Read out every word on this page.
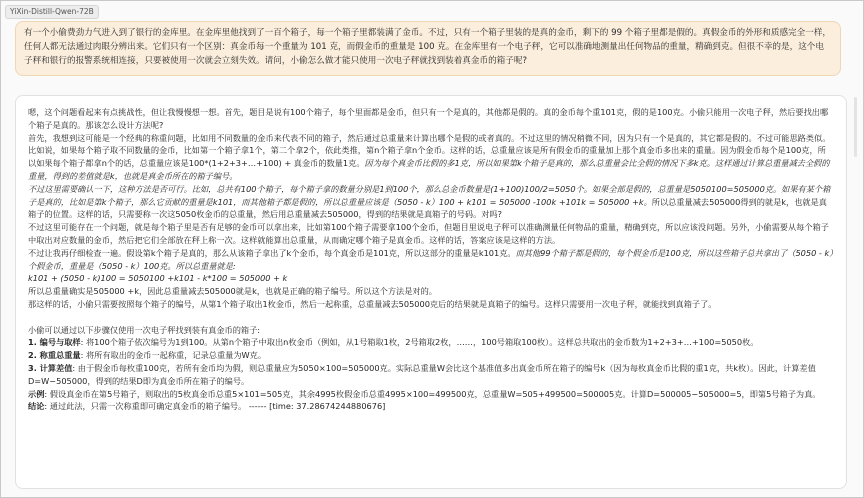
YiXin-Distill-Qwen-72B
有一个小偷费劲力气进入到了银行的金库里。在金库里他找到了一百个箱子，每一个箱子里都装满了金币。不过，只有一个箱子里装的是真的金币，剩下的 99 个箱子里都是假的。真假金币的外形和质感完全一样，任何人都无法通过肉眼分辨出来。它们只有一个区别：真金币每一个重量为 101 克，而假金币的重量是 100 克。在金库里有一个电子秤，它可以准确地测量出任何物品的重量，精确到克。但很不幸的是，这个电子秤和银行的报警系统相连接，只要被使用一次就会立刻失效。请问，小偷怎么做才能只使用一次电子秤就找到装着真金币的箱子呢?

嗯，这个问题看起来有点挑战性，但让我慢慢想一想。首先，题目是说有100个箱子，每个里面都是金币，但只有一个是真的，其他都是假的。真的金币每个重101克，假的是100克。小偷只能用一次电子秤，然后要找出哪个箱子是真的。那该怎么设计方法呢?

首先，我想到这可能是一个经典的称重问题，比如用不同数量的金币来代表不同的箱子，然后通过总重量来计算出哪个是假的或者真的。不过这里的情况稍微不同，因为只有一个是真的，其它都是假的。不过可能思路类似。

比如说，如果每个箱子取不同数量的金币，比如第一个箱子拿1个，第二个拿2个，依此类推，第n个箱子拿n个金币。这样的话，总重量应该是所有假金币的重量加上那个真金币多出来的重量。因为假金币每个是100克，所以如果每个箱子都拿n个的话，总重量应该是100*(1+2+3+…+100) + 真金币的数量1克。因为每个真金币比假的多1克，所以如果第k个箱子是真的，那么总重量会比全假的情况下多k克。这样通过计算总重量减去全假的重量，得到的差值就是k，也就是真金币所在的箱子编号。

不过这里需要确认一下，这种方法是否可行。比如，总共有100个箱子，每个箱子拿的数量分别是1到100个，那么总金币数量是(1+100)100/2=5050个。如果全部是假的，总重量是5050100=505000克。如果有某个箱子是真的，比如是第k个箱子，那么它贡献的重量是k101，而其他箱子都是假的，所以总重量应该是（5050 - k）100 + k101 = 505000 -100k +101k = 505000 +k。所以总重量减去505000得到的就是k，也就是真箱子的位置。这样的话，只需要称一次这5050枚金币的总重量，然后用总重量减去505000，得到的结果就是真箱子的号码。对吗?

不过这里可能存在一个问题，就是每个箱子里是否有足够的金币可以拿出来，比如第100个箱子需要拿100个金币，但题目里说电子秤可以准确测量任何物品的重量，精确到克，所以应该没问题。另外，小偷需要从每个箱子中取出对应数量的金币，然后把它们全部放在秤上称一次。这样就能算出总重量，从而确定哪个箱子是真金币。这样的话，答案应该是这样的方法。

不过让我再仔细检查一遍。假设第k个箱子是真的，那么从该箱子拿出了k个金币，每个真金币是101克，所以这部分的重量是k101克。而其他99个箱子都是假的，每个假金币是100克，所以这些箱子总共拿出了（5050 - k）个假金币，重量是（5050 - k）100克。所以总重量就是:

k101 + (5050 - k)100 = 5050100 +k101 - k*100 = 505000 + k

所以总重量确实是505000 +k，因此总重量减去505000就是k，也就是正确的箱子编号。所以这个方法是对的。

那这样的话，小偷只需要按照每个箱子的编号，从第1个箱子取出1枚金币，然后一起称重，总重量减去505000克后的结果就是真箱子的编号。这样只需要用一次电子秤，就能找到真箱子了。

小偷可以通过以下步骤仅使用一次电子秤找到装有真金币的箱子:

1. 编号与取样: 将100个箱子依次编号为1到100。从第n个箱子中取出n枚金币（例如，从1号箱取1枚，2号箱取2枚，……，100号箱取100枚）。这样总共取出的金币数为1+2+3+…+100=5050枚。

2. 称重总重量: 将所有取出的金币一起称重，记录总重量为W克。

3. 计算差值: 由于假金币每枚重100克，若所有金币均为假，则总重量应为5050×100=505000克。实际总重量W会比这个基准值多出真金币所在箱子的编号k（因为每枚真金币比假的重1克，共k枚）。因此，计算差值D=W−505000，得到的结果D即为真金币所在箱子的编号。

示例: 假设真金币在第5号箱子，则取出的5枚真金币总重5×101=505克，其余4995枚假金币总重4995×100=499500克，总重量W=505+499500=500005克。计算D=500005−505000=5，即第5号箱子为真。

结论: 通过此法，只需一次称重即可确定真金币的箱子编号。 ------ [time: 37.28674244880676]
